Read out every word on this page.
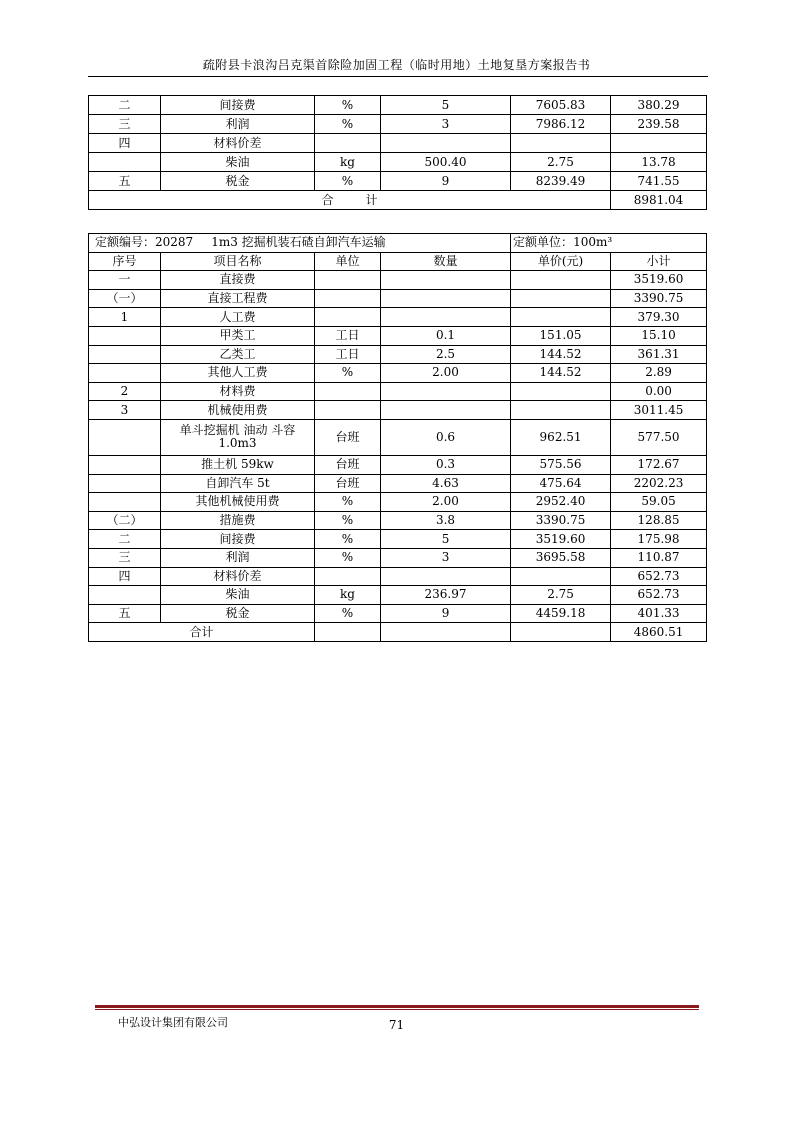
疏附县卡浪沟吕克渠首除险加固工程（临时用地）土地复垦方案报告书
二	间接费	%	5	7605.83	380.29
三	利润	%	3	7986.12	239.58
四	材料价差				
	柴油	kg	500.40	2.75	13.78
五	税金	%	9	8239.49	741.55
合 计					8981.04
定额编号：20287 1m3 挖掘机装石碴自卸汽车运输				定额单位：100m³	
序号	项目名称	单位	数量	单价(元)	小计
一	直接费				3519.60
（一）	直接工程费				3390.75
1	人工费				379.30
	甲类工	工日	0.1	151.05	15.10
	乙类工	工日	2.5	144.52	361.31
	其他人工费	%	2.00	144.52	2.89
2	材料费				0.00
3	机械使用费				3011.45
	单斗挖掘机 油动 斗容 1.0m3	台班	0.6	962.51	577.50
	推土机 59kw	台班	0.3	575.56	172.67
	自卸汽车 5t	台班	4.63	475.64	2202.23
	其他机械使用费	%	2.00	2952.40	59.05
（二）	措施费	%	3.8	3390.75	128.85
二	间接费	%	5	3519.60	175.98
三	利润	%	3	3695.58	110.87
四	材料价差				652.73
	柴油	kg	236.97	2.75	652.73
五	税金	%	9	4459.18	401.33
合计					4860.51
中弘设计集团有限公司	71
